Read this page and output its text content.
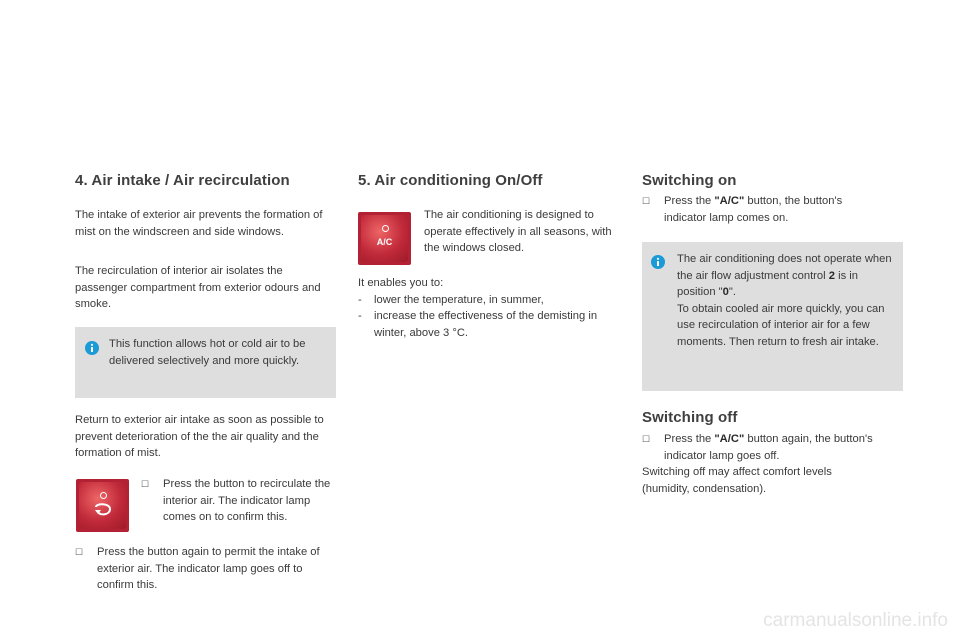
4. Air intake / Air recirculation

The intake of exterior air prevents the formation of mist on the windscreen and side windows.

The recirculation of interior air isolates the passenger compartment from exterior odours and smoke.

This function allows hot or cold air to be delivered selectively and more quickly.

Return to exterior air intake as soon as possible to prevent deterioration of the the air quality and the formation of mist.

☐	Press the button to recirculate the interior air. The indicator lamp comes on to confirm this.
☐	Press the button again to permit the intake of exterior air. The indicator lamp goes off to confirm this.
5. Air conditioning On/Off
A/C

The air conditioning is designed to operate effectively in all seasons, with the windows closed.

It enables you to:

-	lower the temperature, in summer,
-	increase the effectiveness of the demisting in winter, above 3 °C.
Switching on
☐	Press the "A/C" button, the button's indicator lamp comes on.

The air conditioning does not operate when the air flow adjustment control 2 is in position "0".
To obtain cooled air more quickly, you can use recirculation of interior air for a few moments. Then return to fresh air intake.

Switching off
☐	Press the "A/C" button again, the button's indicator lamp goes off.

Switching off may affect comfort levels (humidity, condensation).

carmanualsonline.info
